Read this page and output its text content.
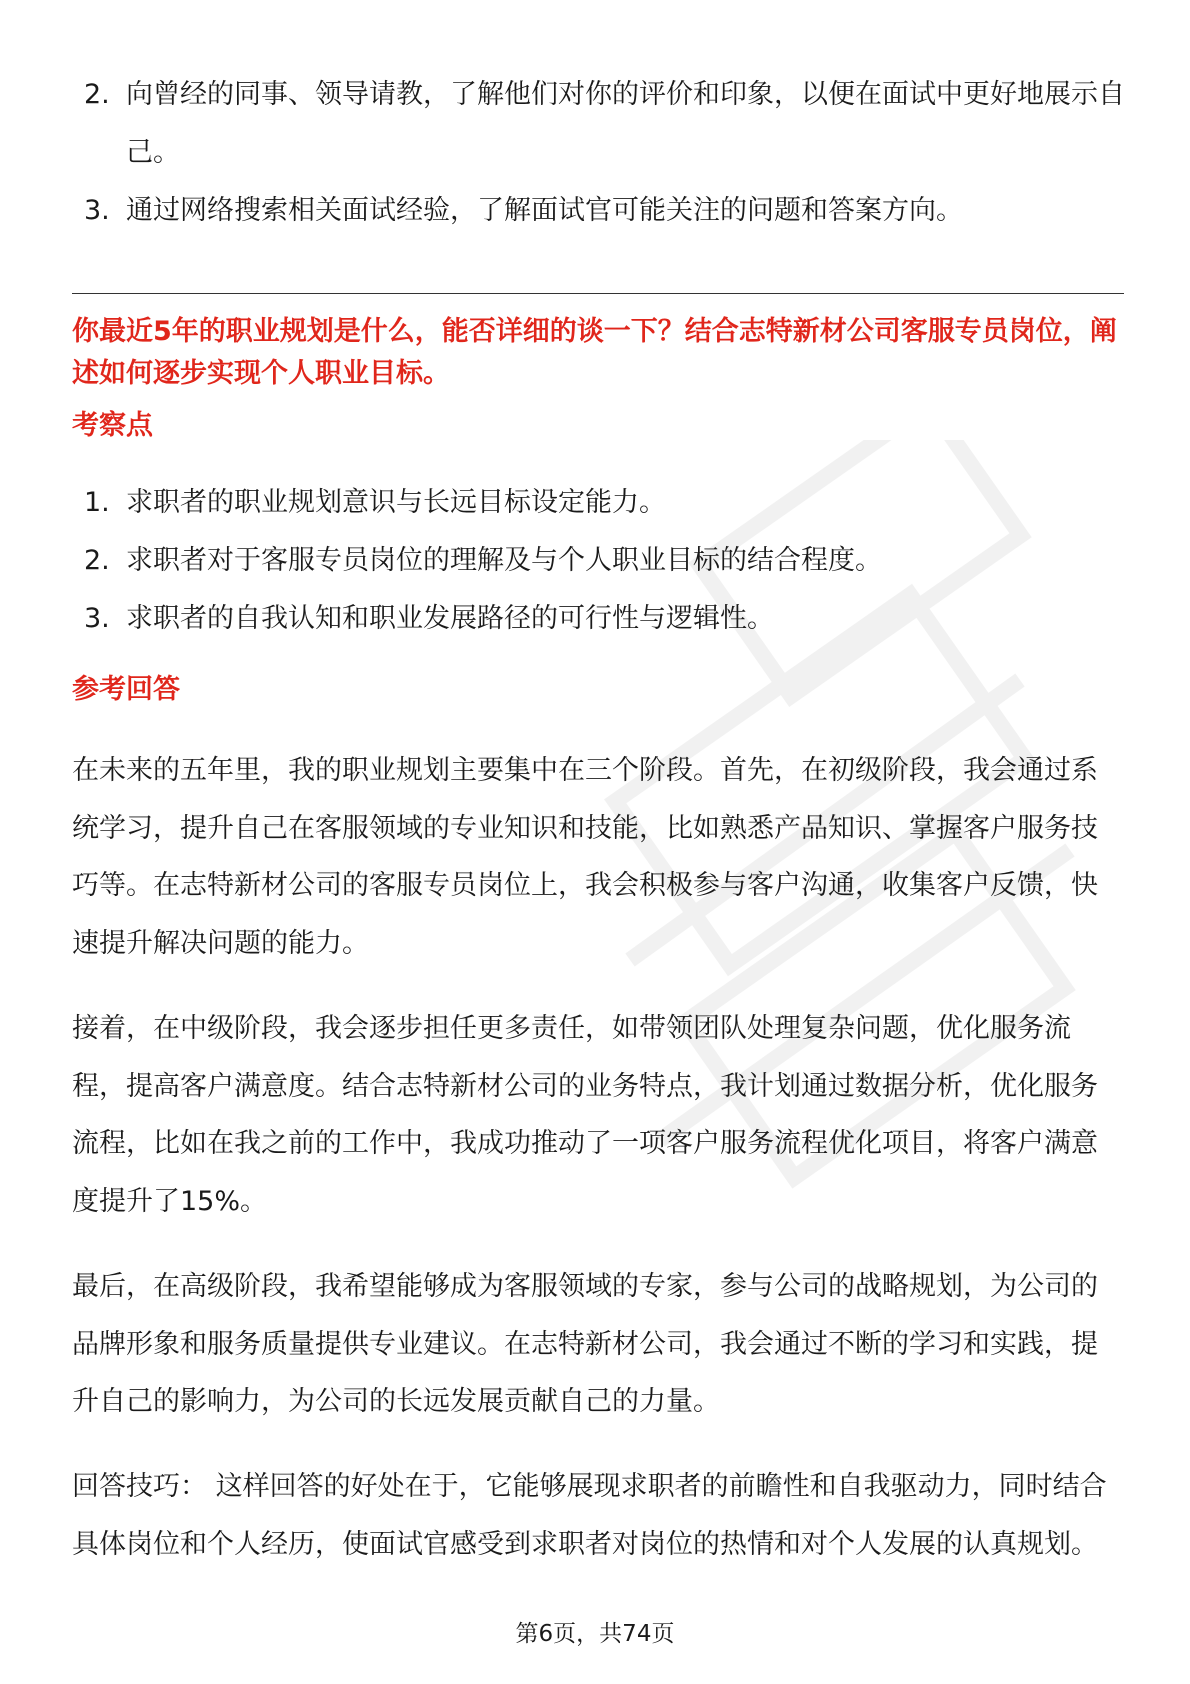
2. 向曾经的同事、领导请教，了解他们对你的评价和印象，以便在面试中更好地展示自己。
3. 通过网络搜索相关面试经验，了解面试官可能关注的问题和答案方向。
你最近5年的职业规划是什么，能否详细的谈一下？结合志特新材公司客服专员岗位，阐述如何逐步实现个人职业目标。
考察点
1. 求职者的职业规划意识与长远目标设定能力。
2. 求职者对于客服专员岗位的理解及与个人职业目标的结合程度。
3. 求职者的自我认知和职业发展路径的可行性与逻辑性。
参考回答

在未来的五年里，我的职业规划主要集中在三个阶段。首先，在初级阶段，我会通过系统学习，提升自己在客服领域的专业知识和技能，比如熟悉产品知识、掌握客户服务技巧等。在志特新材公司的客服专员岗位上，我会积极参与客户沟通，收集客户反馈，快速提升解决问题的能力。

接着，在中级阶段，我会逐步担任更多责任，如带领团队处理复杂问题，优化服务流程，提高客户满意度。结合志特新材公司的业务特点，我计划通过数据分析，优化服务流程，比如在我之前的工作中，我成功推动了一项客户服务流程优化项目，将客户满意度提升了15%。

最后，在高级阶段，我希望能够成为客服领域的专家，参与公司的战略规划，为公司的品牌形象和服务质量提供专业建议。在志特新材公司，我会通过不断的学习和实践，提升自己的影响力，为公司的长远发展贡献自己的力量。

回答技巧： 这样回答的好处在于，它能够展现求职者的前瞻性和自我驱动力，同时结合具体岗位和个人经历，使面试官感受到求职者对岗位的热情和对个人发展的认真规划。

第6页，共74页
